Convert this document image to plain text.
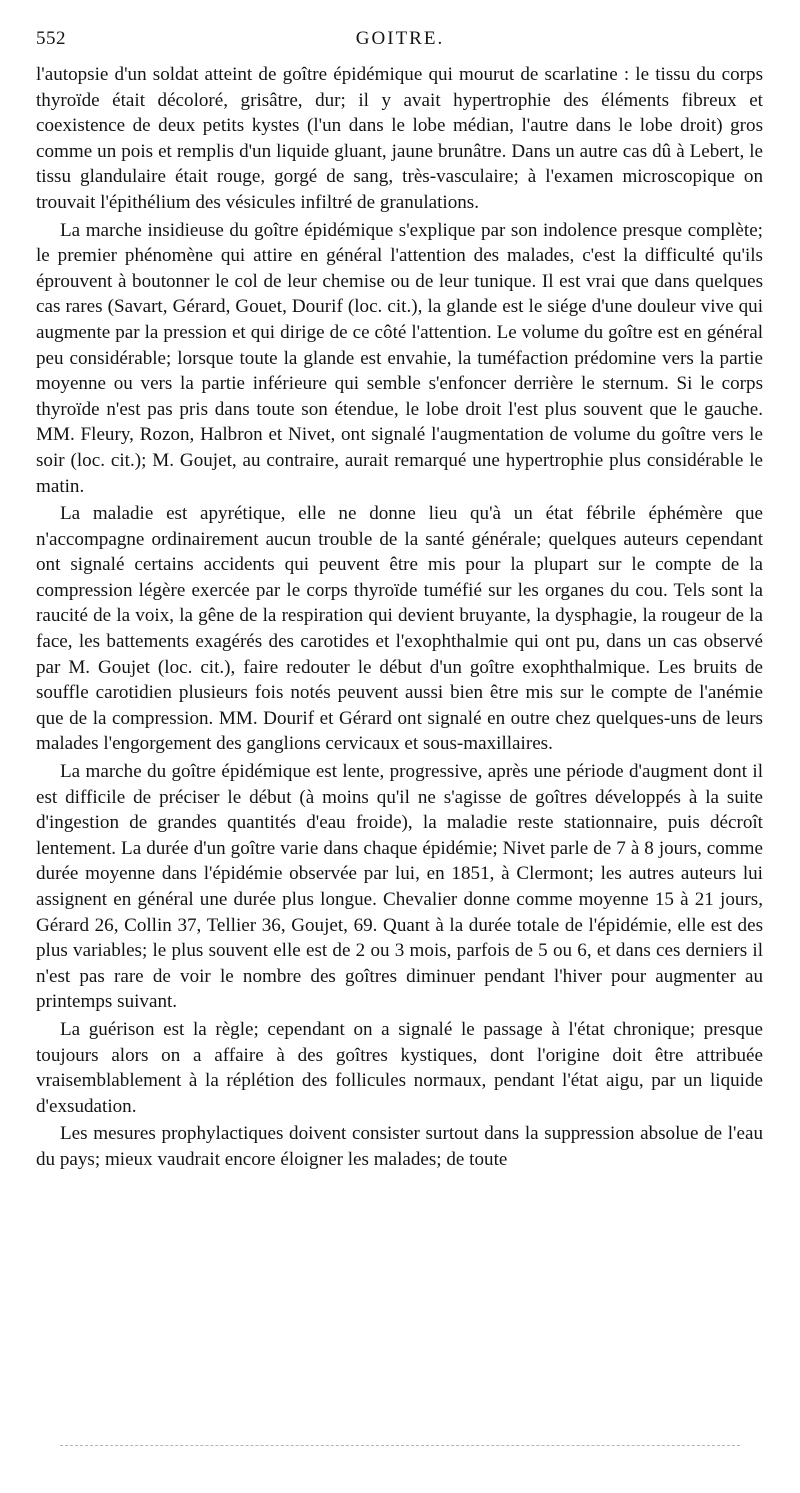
552	GOITRE.

l'autopsie d'un soldat atteint de goître épidémique qui mourut de scarlatine : le tissu du corps thyroïde était décoloré, grisâtre, dur; il y avait hypertrophie des éléments fibreux et coexistence de deux petits kystes (l'un dans le lobe médian, l'autre dans le lobe droit) gros comme un pois et remplis d'un liquide gluant, jaune brunâtre. Dans un autre cas dû à Lebert, le tissu glandulaire était rouge, gorgé de sang, très-vasculaire; à l'examen microscopique on trouvait l'épithélium des vésicules infiltré de granulations.

La marche insidieuse du goître épidémique s'explique par son indolence presque complète; le premier phénomène qui attire en général l'attention des malades, c'est la difficulté qu'ils éprouvent à boutonner le col de leur chemise ou de leur tunique. Il est vrai que dans quelques cas rares (Savart, Gérard, Gouet, Dourif (loc. cit.), la glande est le siége d'une douleur vive qui augmente par la pression et qui dirige de ce côté l'attention. Le volume du goître est en général peu considérable; lorsque toute la glande est envahie, la tuméfaction prédomine vers la partie moyenne ou vers la partie inférieure qui semble s'enfoncer derrière le sternum. Si le corps thyroïde n'est pas pris dans toute son étendue, le lobe droit l'est plus souvent que le gauche. MM. Fleury, Rozon, Halbron et Nivet, ont signalé l'augmentation de volume du goître vers le soir (loc. cit.); M. Goujet, au contraire, aurait remarqué une hypertrophie plus considérable le matin.

La maladie est apyrétique, elle ne donne lieu qu'à un état fébrile éphémère que n'accompagne ordinairement aucun trouble de la santé générale; quelques auteurs cependant ont signalé certains accidents qui peuvent être mis pour la plupart sur le compte de la compression légère exercée par le corps thyroïde tuméfié sur les organes du cou. Tels sont la raucité de la voix, la gêne de la respiration qui devient bruyante, la dysphagie, la rougeur de la face, les battements exagérés des carotides et l'exophthalmie qui ont pu, dans un cas observé par M. Goujet (loc. cit.), faire redouter le début d'un goître exophthalmique. Les bruits de souffle carotidien plusieurs fois notés peuvent aussi bien être mis sur le compte de l'anémie que de la compression. MM. Dourif et Gérard ont signalé en outre chez quelques-uns de leurs malades l'engorgement des ganglions cervicaux et sous-maxillaires.

La marche du goître épidémique est lente, progressive, après une période d'augment dont il est difficile de préciser le début (à moins qu'il ne s'agisse de goîtres développés à la suite d'ingestion de grandes quantités d'eau froide), la maladie reste stationnaire, puis décroît lentement. La durée d'un goître varie dans chaque épidémie; Nivet parle de 7 à 8 jours, comme durée moyenne dans l'épidémie observée par lui, en 1851, à Clermont; les autres auteurs lui assignent en général une durée plus longue. Chevalier donne comme moyenne 15 à 21 jours, Gérard 26, Collin 37, Tellier 36, Goujet, 69. Quant à la durée totale de l'épidémie, elle est des plus variables; le plus souvent elle est de 2 ou 3 mois, parfois de 5 ou 6, et dans ces derniers il n'est pas rare de voir le nombre des goîtres diminuer pendant l'hiver pour augmenter au printemps suivant.

La guérison est la règle; cependant on a signalé le passage à l'état chronique; presque toujours alors on a affaire à des goîtres kystiques, dont l'origine doit être attribuée vraisemblablement à la réplétion des follicules normaux, pendant l'état aigu, par un liquide d'exsudation.

Les mesures prophylactiques doivent consister surtout dans la suppression absolue de l'eau du pays; mieux vaudrait encore éloigner les malades; de toute
